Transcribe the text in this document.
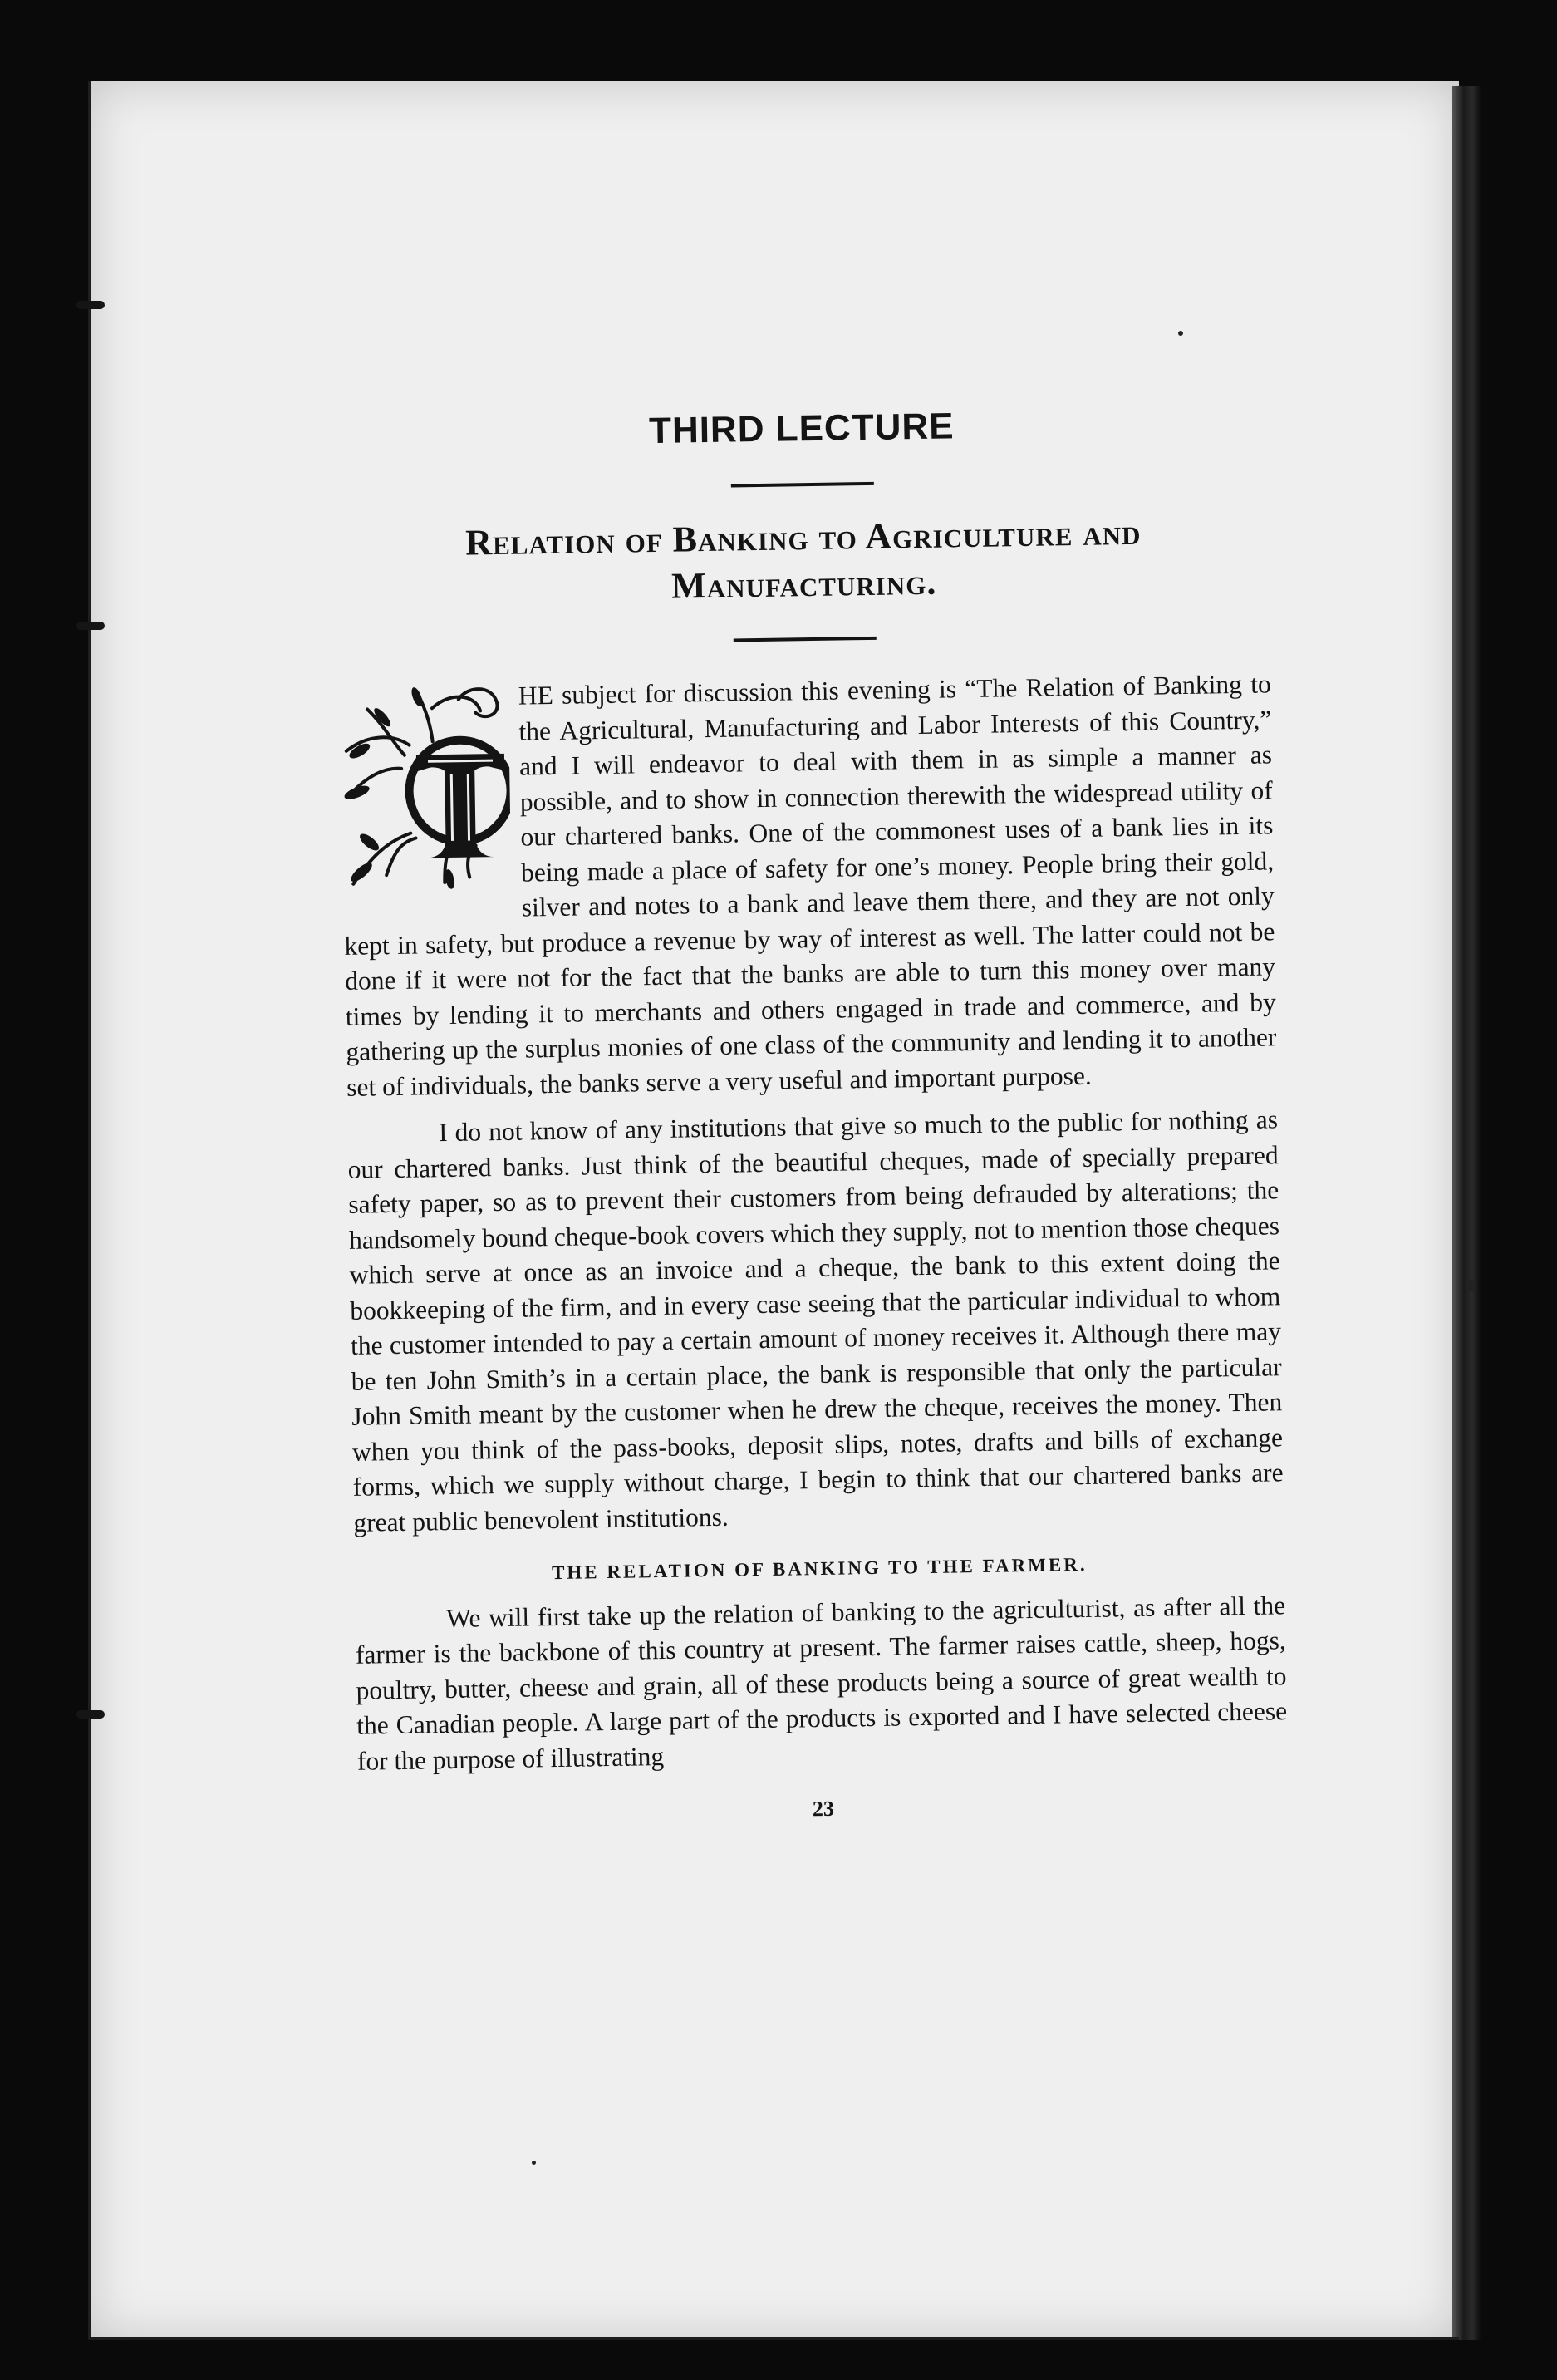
THIRD LECTURE
Relation of Banking to Agriculture and
Manufacturing.

HE subject for discussion this evening is “The Relation of Banking to the Agricultural, Manufacturing and Labor Interests of this Country,” and I will endeavor to deal with them in as simple a manner as possible, and to show in connection therewith the widespread utility of our chartered banks. One of the commonest uses of a bank lies in its being made a place of safety for one’s money. People bring their gold, silver and notes to a bank and leave them there, and they are not only kept in safety, but produce a revenue by way of interest as well. The latter could not be done if it were not for the fact that the banks are able to turn this money over many times by lending it to merchants and others engaged in trade and commerce, and by gathering up the surplus monies of one class of the community and lending it to another set of individuals, the banks serve a very useful and important purpose.

I do not know of any institutions that give so much to the public for nothing as our chartered banks. Just think of the beautiful cheques, made of specially prepared safety paper, so as to prevent their customers from being defrauded by alterations; the handsomely bound cheque-book covers which they supply, not to mention those cheques which serve at once as an invoice and a cheque, the bank to this extent doing the bookkeeping of the firm, and in every case seeing that the particular individual to whom the customer intended to pay a certain amount of money receives it. Although there may be ten John Smith’s in a certain place, the bank is responsible that only the particular John Smith meant by the customer when he drew the cheque, receives the money. Then when you think of the pass-books, deposit slips, notes, drafts and bills of exchange forms, which we supply without charge, I begin to think that our chartered banks are great public benevolent institutions.

THE RELATION OF BANKING TO THE FARMER.

We will first take up the relation of banking to the agriculturist, as after all the farmer is the backbone of this country at present. The farmer raises cattle, sheep, hogs, poultry, butter, cheese and grain, all of these products being a source of great wealth to the Canadian people. A large part of the products is exported and I have selected cheese for the purpose of illustrating

23
